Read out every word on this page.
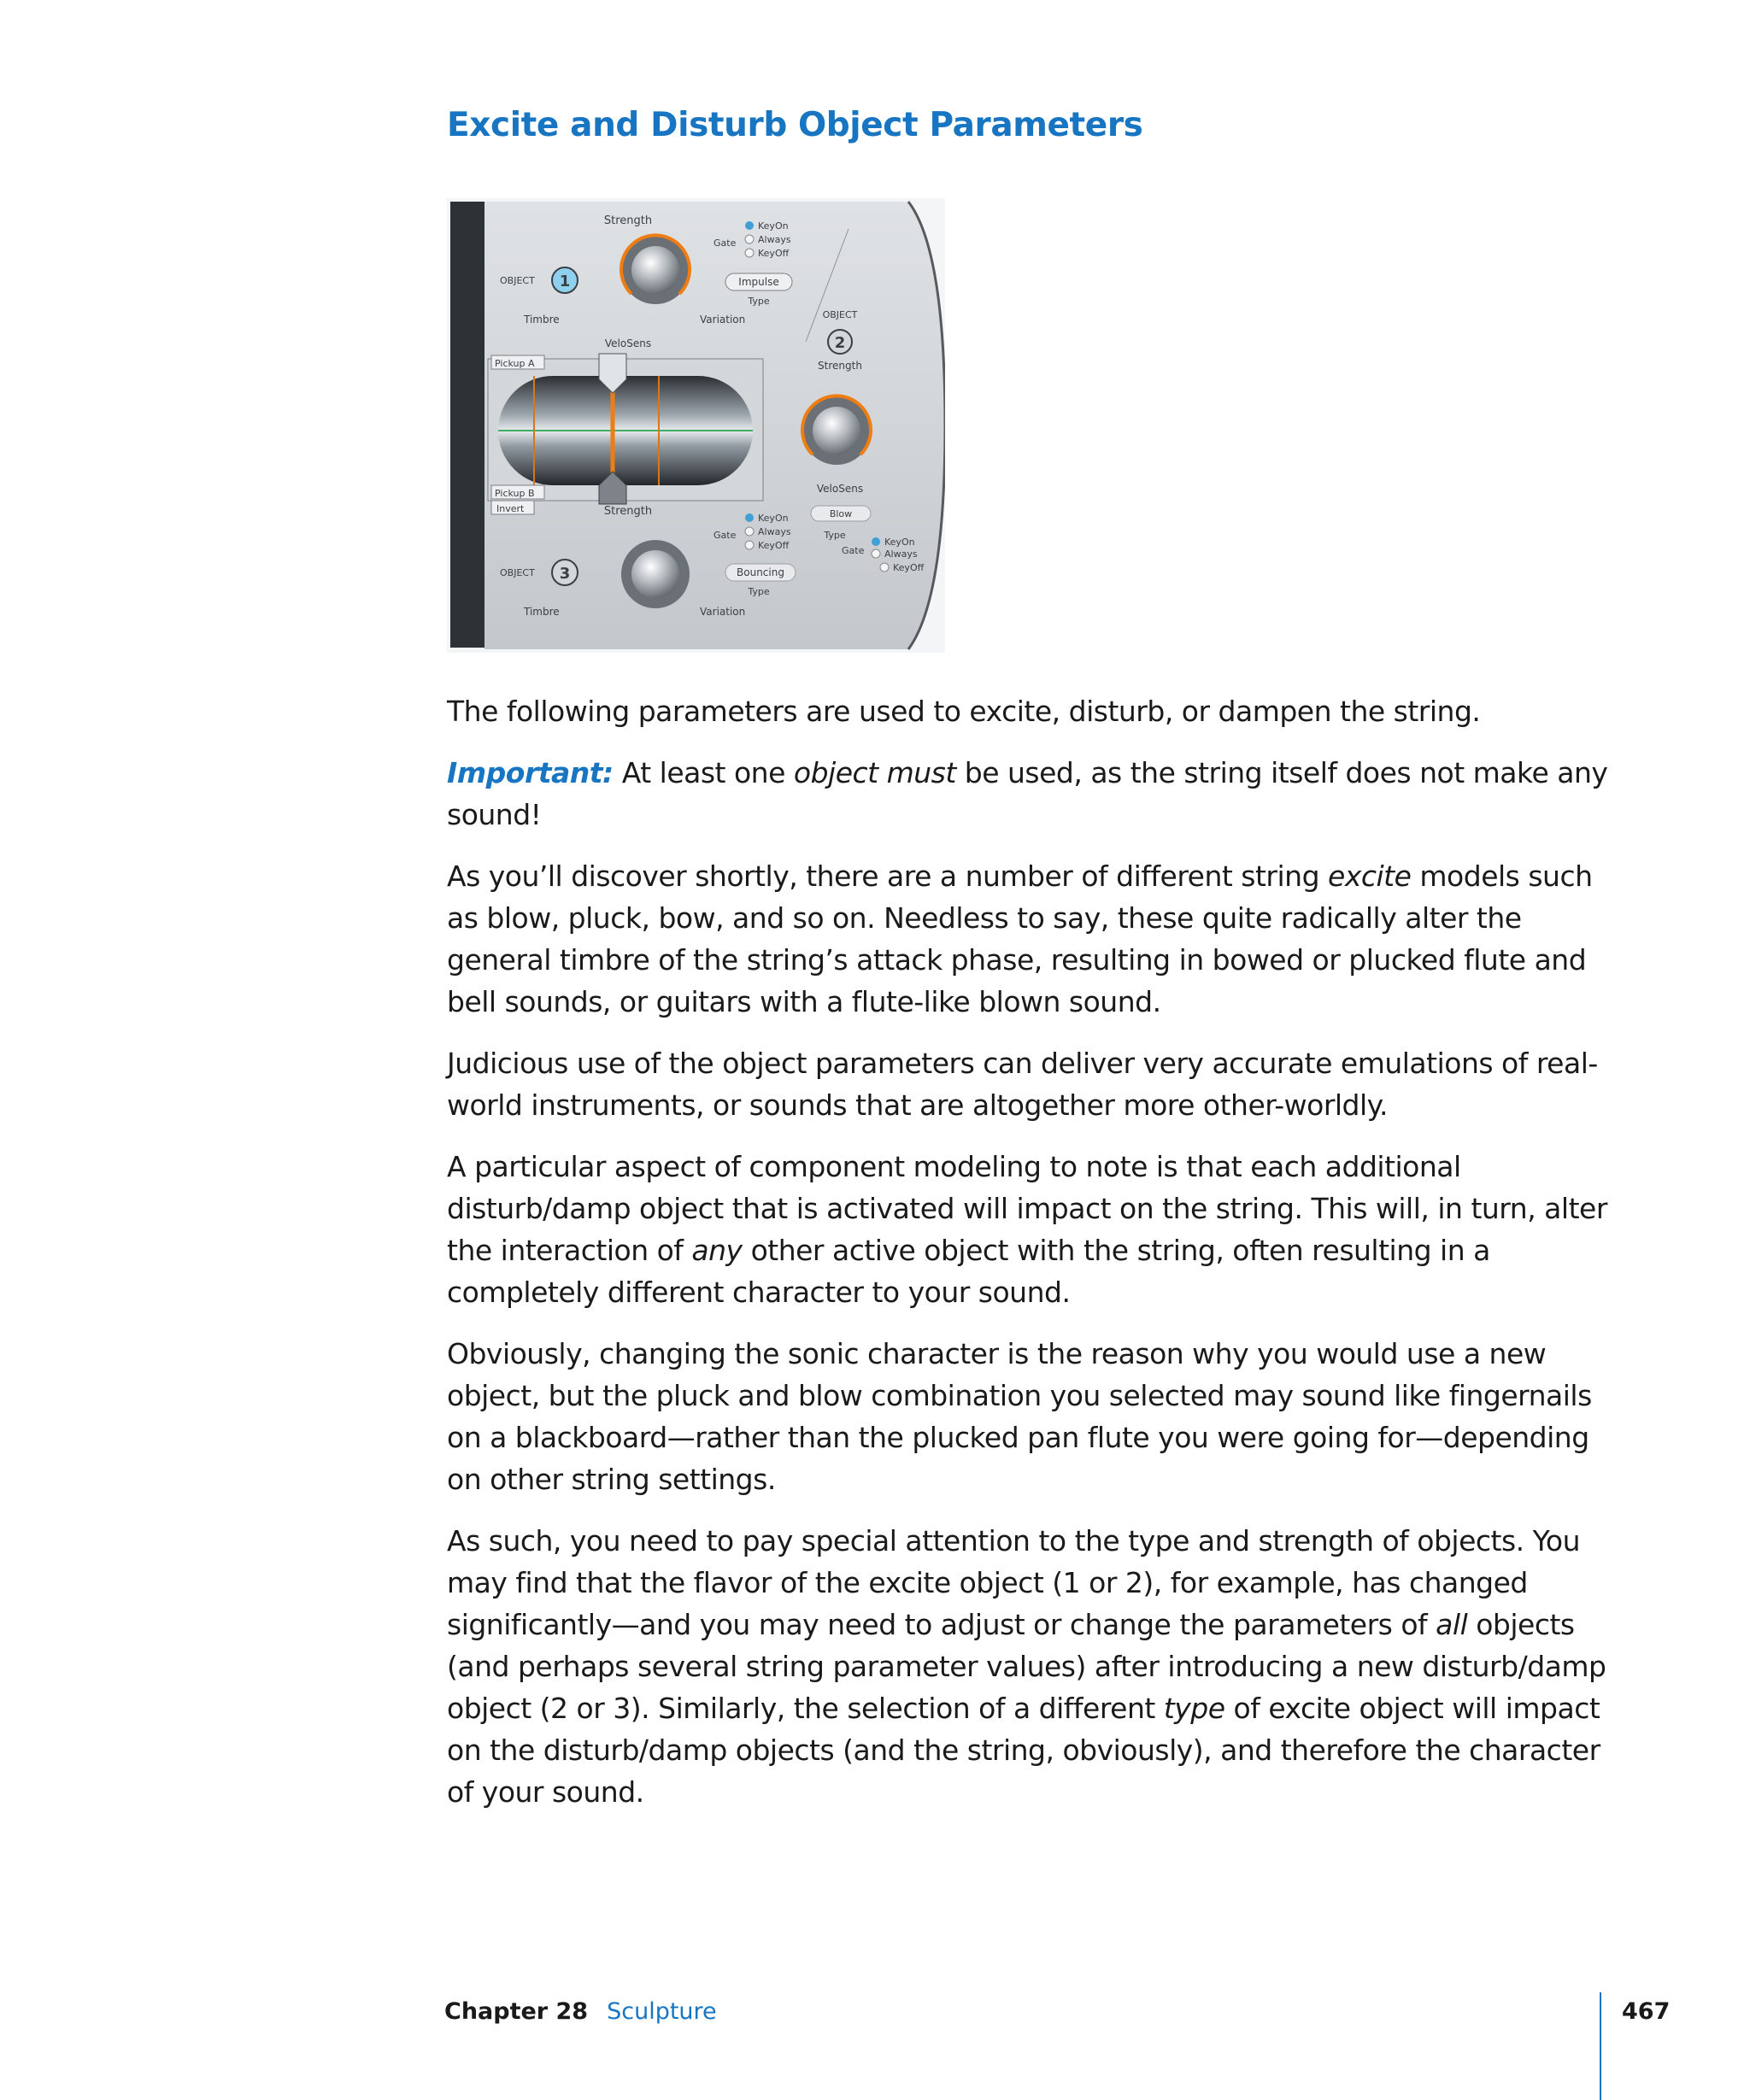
Excite and Disturb Object Parameters
Pickup A
Pickup B
Invert
Strength
OBJECT 1
Timbre	Variation
VeloSens
Gate
KeyOn
Always
KeyOff
Impulse
Type
OBJECT
2
Strength
VeloSens
Blow
Type
Gate
KeyOn
Always
KeyOff
Strength
OBJECT 3
Timbre	Variation
Gate
KeyOn
Always
KeyOff
Bouncing
Type

The following parameters are used to excite, disturb, or dampen the string.

Important: At least one object must be used, as the string itself does not make any sound!

As you’ll discover shortly, there are a number of different string excite models such as blow, pluck, bow, and so on. Needless to say, these quite radically alter the general timbre of the string’s attack phase, resulting in bowed or plucked flute and bell sounds, or guitars with a flute-like blown sound.

Judicious use of the object parameters can deliver very accurate emulations of real-world instruments, or sounds that are altogether more other-worldly.

A particular aspect of component modeling to note is that each additional disturb/damp object that is activated will impact on the string. This will, in turn, alter the interaction of any other active object with the string, often resulting in a completely different character to your sound.

Obviously, changing the sonic character is the reason why you would use a new object, but the pluck and blow combination you selected may sound like fingernails on a blackboard—rather than the plucked pan flute you were going for—depending on other string settings.

As such, you need to pay special attention to the type and strength of objects. You may find that the flavor of the excite object (1 or 2), for example, has changed significantly—and you may need to adjust or change the parameters of all objects (and perhaps several string parameter values) after introducing a new disturb/damp object (2 or 3). Similarly, the selection of a different type of excite object will impact on the disturb/damp objects (and the string, obviously), and therefore the character of your sound.

Chapter 28 Sculpture	467
